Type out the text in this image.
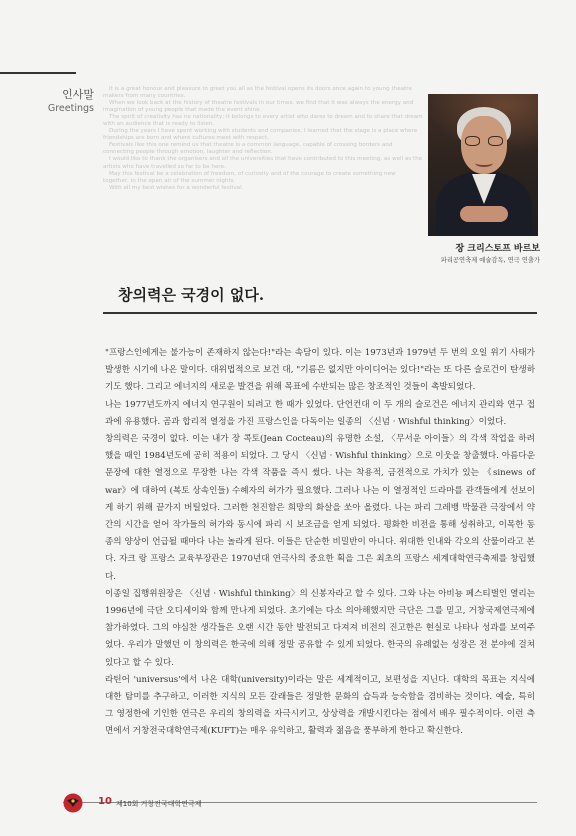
인사말
Greetings

It is a great honour and pleasure to greet you all as the festival opens its doors once again to young theatre makers from many countries.

When we look back at the history of theatre festivals in our times, we find that it was always the energy and imagination of young people that made the event shine.

The spirit of creativity has no nationality; it belongs to every artist who dares to dream and to share that dream with an audience that is ready to listen.

During the years I have spent working with students and companies, I learned that the stage is a place where friendships are born and where cultures meet with respect.

Festivals like this one remind us that theatre is a common language, capable of crossing borders and connecting people through emotion, laughter and reflection.

I would like to thank the organisers and all the universities that have contributed to this meeting, as well as the artists who have travelled so far to be here.

May this festival be a celebration of freedom, of curiosity and of the courage to create something new together, in the open air of the summer nights.

With all my best wishes for a wonderful festival.

장 크리스토프 바르보
파리공연축제 예술감독, 연극 연출가
창의력은 국경이 없다.

"프랑스인에게는 불가능이 존재하지 않는다!"라는 속담이 있다. 이는 1973년과 1979년 두 번의 오일 위기 사태가 발생한 시기에 나온 말이다. 대위법적으로 보건 대, "기름은 없지만 아이디어는 있다!"라는 또 다른 슬로건이 탄생하기도 했다. 그리고 에너지의 새로운 발견을 위해 목표에 수반되는 많은 창조적인 것들이 촉발되었다.

나는 1977년도까지 에너지 연구원이 되려고 한 때가 있었다. 단언컨대 이 두 개의 슬로건은 에너지 관리와 연구 접과에 유용했다. 곰과 합리적 열정을 가진 프랑스인을 다독이는 일종의 〈신념 · Wishful thinking〉이었다.

창의력은 국경이 없다. 이는 내가 장 콕토(Jean Cocteau)의 유명한 소설, 〈무서운 아이들〉의 각색 작업을 하려 했을 때인 1984년도에 공히 적용이 되었다. 그 당시 〈신념 · Wishful thinking〉으로 이웃을 창출했다. 아름다운 문장에 대한 열정으로 무장한 나는 각색 작품을 즉시 썼다. 나는 착용적, 금전적으로 가치가 있는 《sinews of war》에 대하여 (복토 상속인들) 수혜자의 허가가 필요했다. 그러나 나는 이 열정적인 드라마를 관객들에게 선보이게 하기 위해 끝가지 버틸었다. 그러한 천진함은 희망의 화살을 쏘아 올렸다. 나는 파리 그레뱅 박물관 극장에서 약간의 시간을 얻어 작가들의 허가와 동시에 파리 시 보조금을 얻게 되었다. 평화한 비전을 통해 성취하고, 이목한 동종의 양상이 언급될 때마다 나는 놀라게 된다. 이들은 단순한 비밀반이 아니다. 위대한 인내와 각오의 산물이라고 본다. 자크 랑 프랑스 교육부장관은 1970년대 연극사의 중요한 획을 그은 최초의 프랑스 세계대학연극축제를 창립했다.

이종일 집행위원장은 〈신념 · Wishful thinking〉의 신봉자라고 할 수 있다. 그와 나는 아비뇽 페스티벌인 열리는 1996년에 극단 오디세이와 함께 만나게 되었다. 초기에는 다소 의아해했지만 극단은 그를 믿고, 거창국제연극제에 참가하였다. 그의 야심찬 생각들은 오랜 시간 동안 발전되고 다져져 비전의 진고한은 현실로 나타나 성과를 보여주었다. 우리가 말했던 이 창의력은 한국에 의해 정말 공유할 수 있게 되었다. 한국의 유례없는 성장은 전 분야에 걸쳐있다고 할 수 있다.

라틴어 'universus'에서 나온 대학(university)이라는 말은 세계적이고, 보편성을 지닌다. 대학의 목표는 지식에 대한 탐미를 추구하고, 이러한 지식의 모든 갈래들은 정말한 문화의 습득과 능숙함을 겸비하는 것이다. 예술, 특히 그 영정한에 기인한 연극은 우리의 창의력을 자극시키고, 상상력을 개발시킨다는 점에서 배우 필수적이다. 이런 측면에서 거창전국대학연극제(KUFT)는 매우 유익하고, 활력과 젊음을 풍부하게 한다고 확신한다.

10 제10회 거창전국대학연극제
